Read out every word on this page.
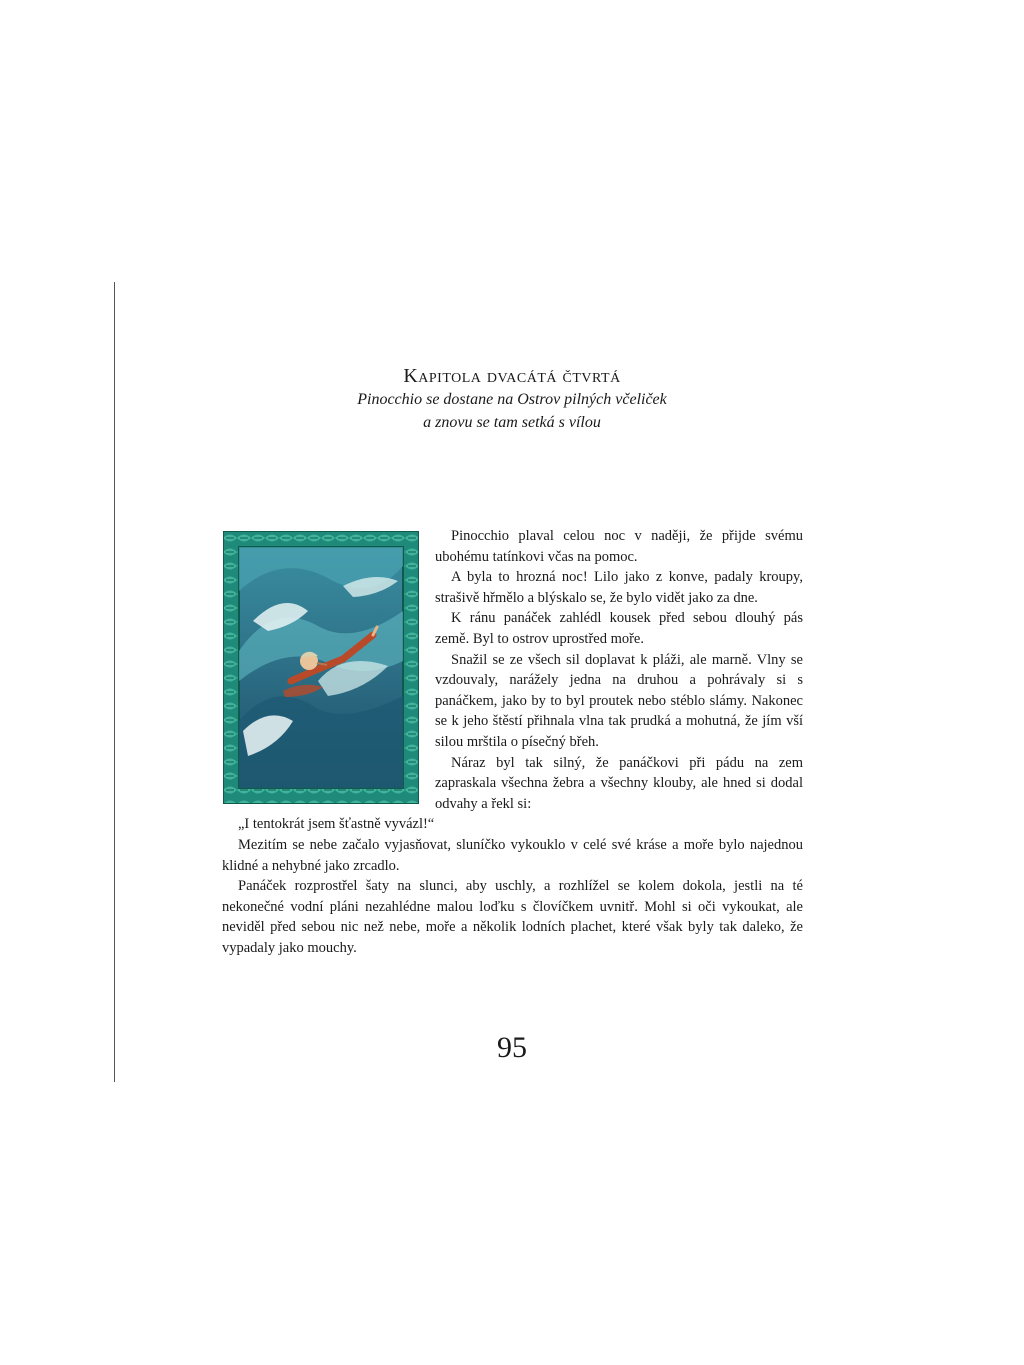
Kapitola dvacátá čtvrtá
Pinocchio se dostane na Ostrov pilných včeliček
a znovu se tam setká s vílou

Pinocchio plaval celou noc v naději, že přijde svému ubohému tatínkovi včas na pomoc.

A byla to hrozná noc! Lilo jako z konve, padaly kroupy, strašivě hřmělo a blýskalo se, že bylo vidět jako za dne.

K ránu panáček zahlédl kousek před sebou dlouhý pás země. Byl to ostrov uprostřed moře.

Snažil se ze všech sil doplavat k pláži, ale marně. Vlny se vzdouvaly, narážely jedna na druhou a pohrávaly si s panáčkem, jako by to byl proutek nebo stéblo slámy. Nakonec se k jeho štěstí přihnala vlna tak prudká a mohutná, že jím vší silou mrštila o písečný břeh.

Náraz byl tak silný, že panáčkovi při pádu na zem zapraskala všechna žebra a všechny klouby, ale hned si dodal odvahy a řekl si:

„I tentokrát jsem šťastně vyvázl!“

Mezitím se nebe začalo vyjasňovat, sluníčko vykouklo v celé své kráse a moře bylo najednou klidné a nehybné jako zrcadlo.

Panáček rozprostřel šaty na slunci, aby uschly, a rozhlížel se kolem dokola, jestli na té nekonečné vodní pláni nezahlédne malou loďku s človíčkem uvnitř. Mohl si oči vykoukat, ale neviděl před sebou nic než nebe, moře a několik lodních plachet, které však byly tak daleko, že vypadaly jako mouchy.

95
